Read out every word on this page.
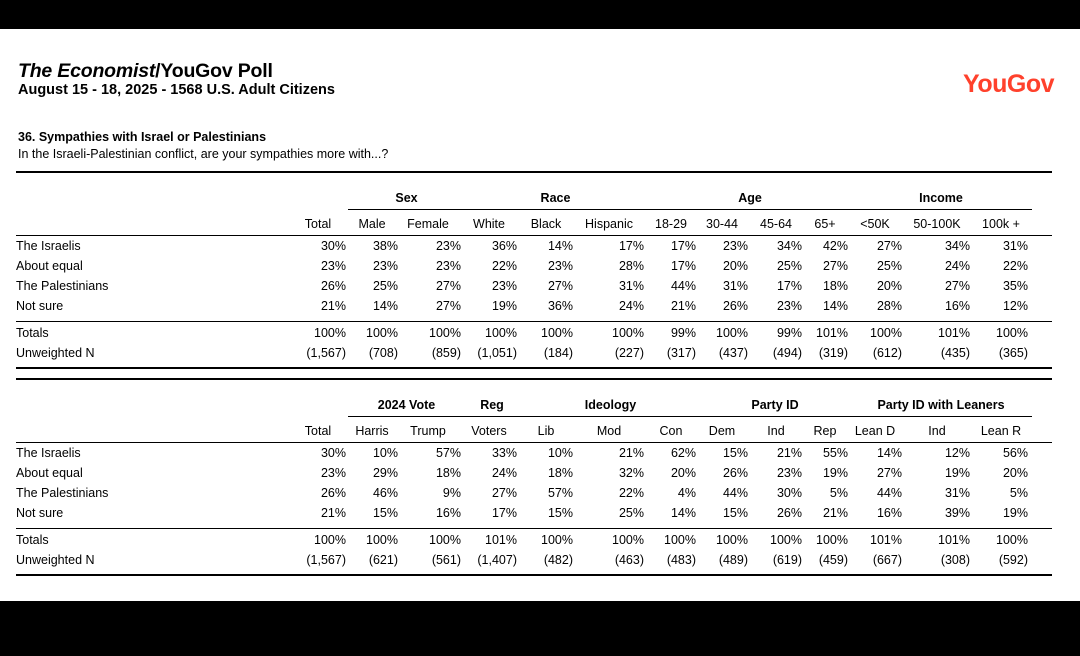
The Economist/YouGov Poll
August 15 - 18, 2025 - 1568 U.S. Adult Citizens	YouGov
36. Sympathies with Israel or Palestinians
In the Israeli-Palestinian conflict, are your sympathies more with...?
Sex	Race	Age	Income
Total	Male	Female	White	Black	Hispanic	18-29	30-44	45-64	65+	<50K	50-100K	100k +
The Israelis	30%	38%	23%	36%	14%	17%	17%	23%	34%	42%	27%	34%	31%
About equal	23%	23%	23%	22%	23%	28%	17%	20%	25%	27%	25%	24%	22%
The Palestinians	26%	25%	27%	23%	27%	31%	44%	31%	17%	18%	20%	27%	35%
Not sure	21%	14%	27%	19%	36%	24%	21%	26%	23%	14%	28%	16%	12%
Totals	100%	100%	100%	100%	100%	100%	99%	100%	99%	101%	100%	101%	100%
Unweighted N	(1,567)	(708)	(859)	(1,051)	(184)	(227)	(317)	(437)	(494)	(319)	(612)	(435)	(365)
2024 Vote	Reg	Ideology	Party ID	Party ID with Leaners
Total	Harris	Trump	Voters	Lib	Mod	Con	Dem	Ind	Rep	Lean D	Ind	Lean R
The Israelis	30%	10%	57%	33%	10%	21%	62%	15%	21%	55%	14%	12%	56%
About equal	23%	29%	18%	24%	18%	32%	20%	26%	23%	19%	27%	19%	20%
The Palestinians	26%	46%	9%	27%	57%	22%	4%	44%	30%	5%	44%	31%	5%
Not sure	21%	15%	16%	17%	15%	25%	14%	15%	26%	21%	16%	39%	19%
Totals	100%	100%	100%	101%	100%	100%	100%	100%	100%	100%	101%	101%	100%
Unweighted N	(1,567)	(621)	(561)	(1,407)	(482)	(463)	(483)	(489)	(619)	(459)	(667)	(308)	(592)
